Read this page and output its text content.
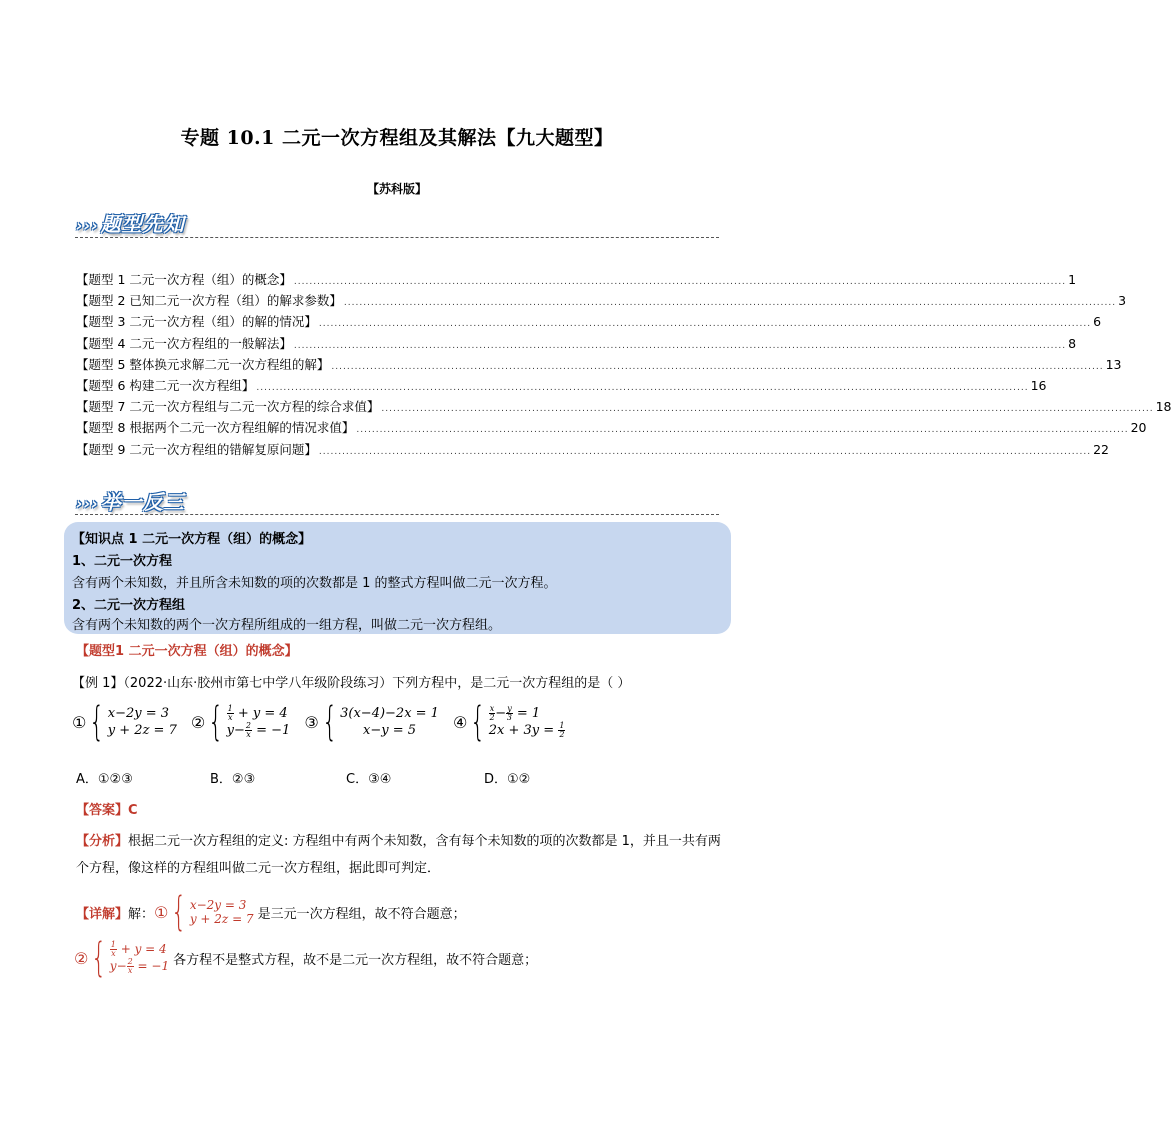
专题 10.1 二元一次方程组及其解法【九大题型】
【苏科版】
››› 题型先知
【题型 1 二元一次方程（组）的概念】 ........................................................................................................................................................................................................ 1
【题型 2 已知二元一次方程（组）的解求参数】 ........................................................................................................................................................................................................ 3
【题型 3 二元一次方程（组）的解的情况】 ........................................................................................................................................................................................................ 6
【题型 4 二元一次方程组的一般解法】 ........................................................................................................................................................................................................ 8
【题型 5 整体换元求解二元一次方程组的解】 ........................................................................................................................................................................................................ 13
【题型 6 构建二元一次方程组】 ........................................................................................................................................................................................................ 16
【题型 7 二元一次方程组与二元一次方程的综合求值】 ........................................................................................................................................................................................................ 18
【题型 8 根据两个二元一次方程组解的情况求值】 ........................................................................................................................................................................................................ 20
【题型 9 二元一次方程组的错解复原问题】 ........................................................................................................................................................................................................ 22
››› 举一反三
【知识点 1 二元一次方程（组）的概念】
1、二元一次方程
含有两个未知数，并且所含未知数的项的次数都是 1 的整式方程叫做二元一次方程。
2、二元一次方程组
含有两个未知数的两个一次方程所组成的一组方程，叫做二元一次方程组。
【题型1 二元一次方程（组）的概念】
【例 1】（2022·山东·胶州市第七中学八年级阶段练习）下列方程中，是二元一次方程组的是（ ）
① { x−2y = 3
y + 2z = 7 ② { $\frac{1}{x} + y = 4$
$y- \frac{2}{x} = -1$ ③ { 3(x−4)−2x = 1
x−y = 5 ④ { $\frac{x}{2} - \frac{y}{3} = 1$
$2x + 3y = \frac{1}{2}$
A．①②③	B．②③	C．③④	D．①②
【答案】C
【分析】根据二元一次方程组的定义: 方程组中有两个未知数，含有每个未知数的项的次数都是 1，并且一共有两个方程，像这样的方程组叫做二元一次方程组，据此即可判定．
【详解】 解： ① { x−2y = 3
y + 2z = 7 是三元一次方程组，故不符合题意；
② { $\frac{1}{x} + y = 4$
$y- \frac{2}{x} = -1$ 各方程不是整式方程，故不是二元一次方程组，故不符合题意；
